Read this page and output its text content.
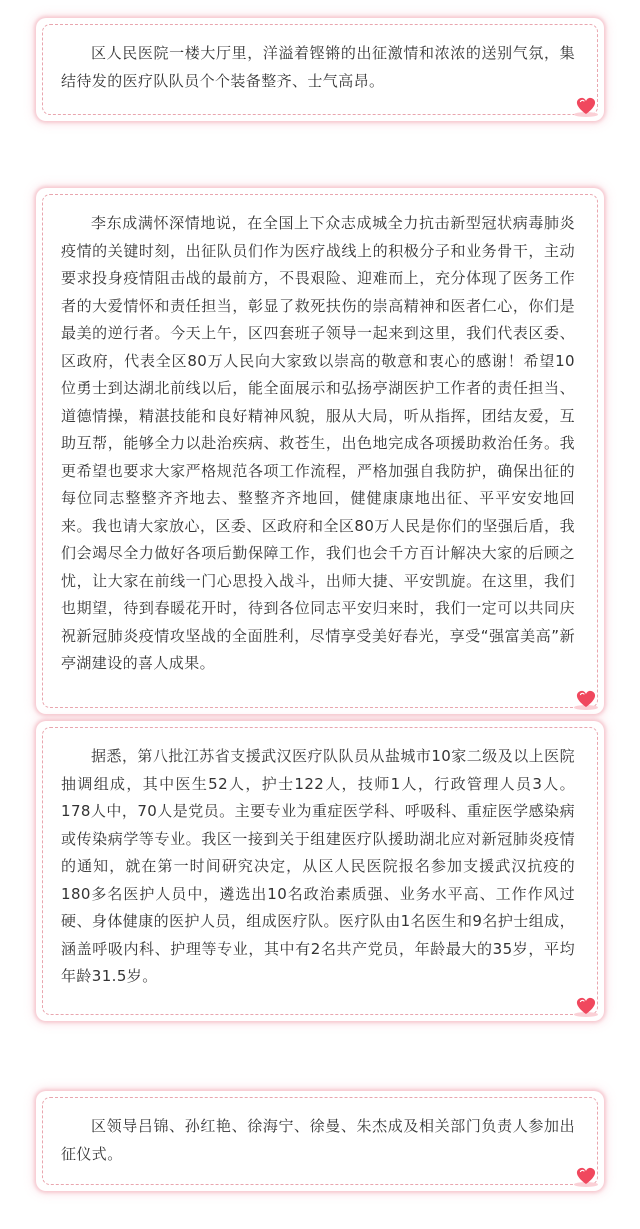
区人民医院一楼大厅里，洋溢着铿锵的出征激情和浓浓的送别气氛，集结待发的医疗队队员个个装备整齐、士气高昂。

李东成满怀深情地说，在全国上下众志成城全力抗击新型冠状病毒肺炎疫情的关键时刻，出征队员们作为医疗战线上的积极分子和业务骨干，主动要求投身疫情阻击战的最前方，不畏艰险、迎难而上，充分体现了医务工作者的大爱情怀和责任担当，彰显了救死扶伤的崇高精神和医者仁心，你们是最美的逆行者。今天上午，区四套班子领导一起来到这里，我们代表区委、区政府，代表全区80万人民向大家致以崇高的敬意和衷心的感谢！希望10位勇士到达湖北前线以后，能全面展示和弘扬亭湖医护工作者的责任担当、道德情操，精湛技能和良好精神风貌，服从大局，听从指挥，团结友爱，互助互帮，能够全力以赴治疾病、救苍生，出色地完成各项援助救治任务。我更希望也要求大家严格规范各项工作流程，严格加强自我防护，确保出征的每位同志整整齐齐地去、整整齐齐地回，健健康康地出征、平平安安地回来。我也请大家放心，区委、区政府和全区80万人民是你们的坚强后盾，我们会竭尽全力做好各项后勤保障工作，我们也会千方百计解决大家的后顾之忧，让大家在前线一门心思投入战斗，出师大捷、平安凯旋。在这里，我们也期望，待到春暖花开时，待到各位同志平安归来时，我们一定可以共同庆祝新冠肺炎疫情攻坚战的全面胜利，尽情享受美好春光，享受“强富美高”新亭湖建设的喜人成果。

据悉，第八批江苏省支援武汉医疗队队员从盐城市10家二级及以上医院抽调组成，其中医生52人，护士122人，技师1人，行政管理人员3人。178人中，70人是党员。主要专业为重症医学科、呼吸科、重症医学感染病或传染病学等专业。我区一接到关于组建医疗队援助湖北应对新冠肺炎疫情的通知，就在第一时间研究决定，从区人民医院报名参加支援武汉抗疫的180多名医护人员中，遴选出10名政治素质强、业务水平高、工作作风过硬、身体健康的医护人员，组成医疗队。医疗队由1名医生和9名护士组成，涵盖呼吸内科、护理等专业，其中有2名共产党员，年龄最大的35岁，平均年龄31.5岁。

区领导吕锦、孙红艳、徐海宁、徐曼、朱杰成及相关部门负责人参加出征仪式。
